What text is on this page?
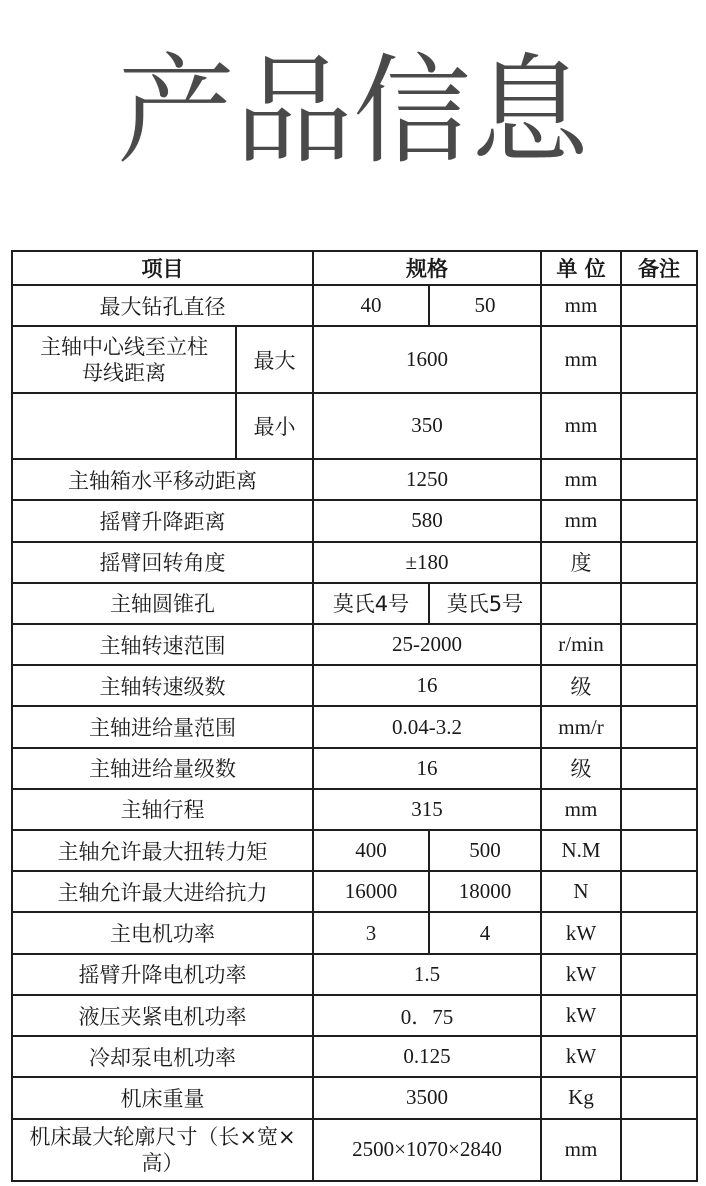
产品信息
项目		规格		单 位	备注
最大钻孔直径		40	50	mm	
主轴中心线至立柱母线距离	最大	1600		mm	
	最小	350		mm	
主轴箱水平移动距离		1250		mm	
摇臂升降距离		580		mm	
摇臂回转角度		±180		度	
主轴圆锥孔		莫氏4号	莫氏5号		
主轴转速范围		25-2000		r/min	
主轴转速级数		16		级	
主轴进给量范围		0.04-3.2		mm/r	
主轴进给量级数		16		级	
主轴行程		315		mm	
主轴允许最大扭转力矩		400	500	N.M	
主轴允许最大进给抗力		16000	18000	N	
主电机功率		3	4	kW	
摇臂升降电机功率		1.5		kW	
液压夹紧电机功率		0．75		kW	
冷却泵电机功率		0.125		kW	
机床重量		3500		Kg	
机床最大轮廓尺寸（长×宽×高）		2500×1070×2840		mm	
